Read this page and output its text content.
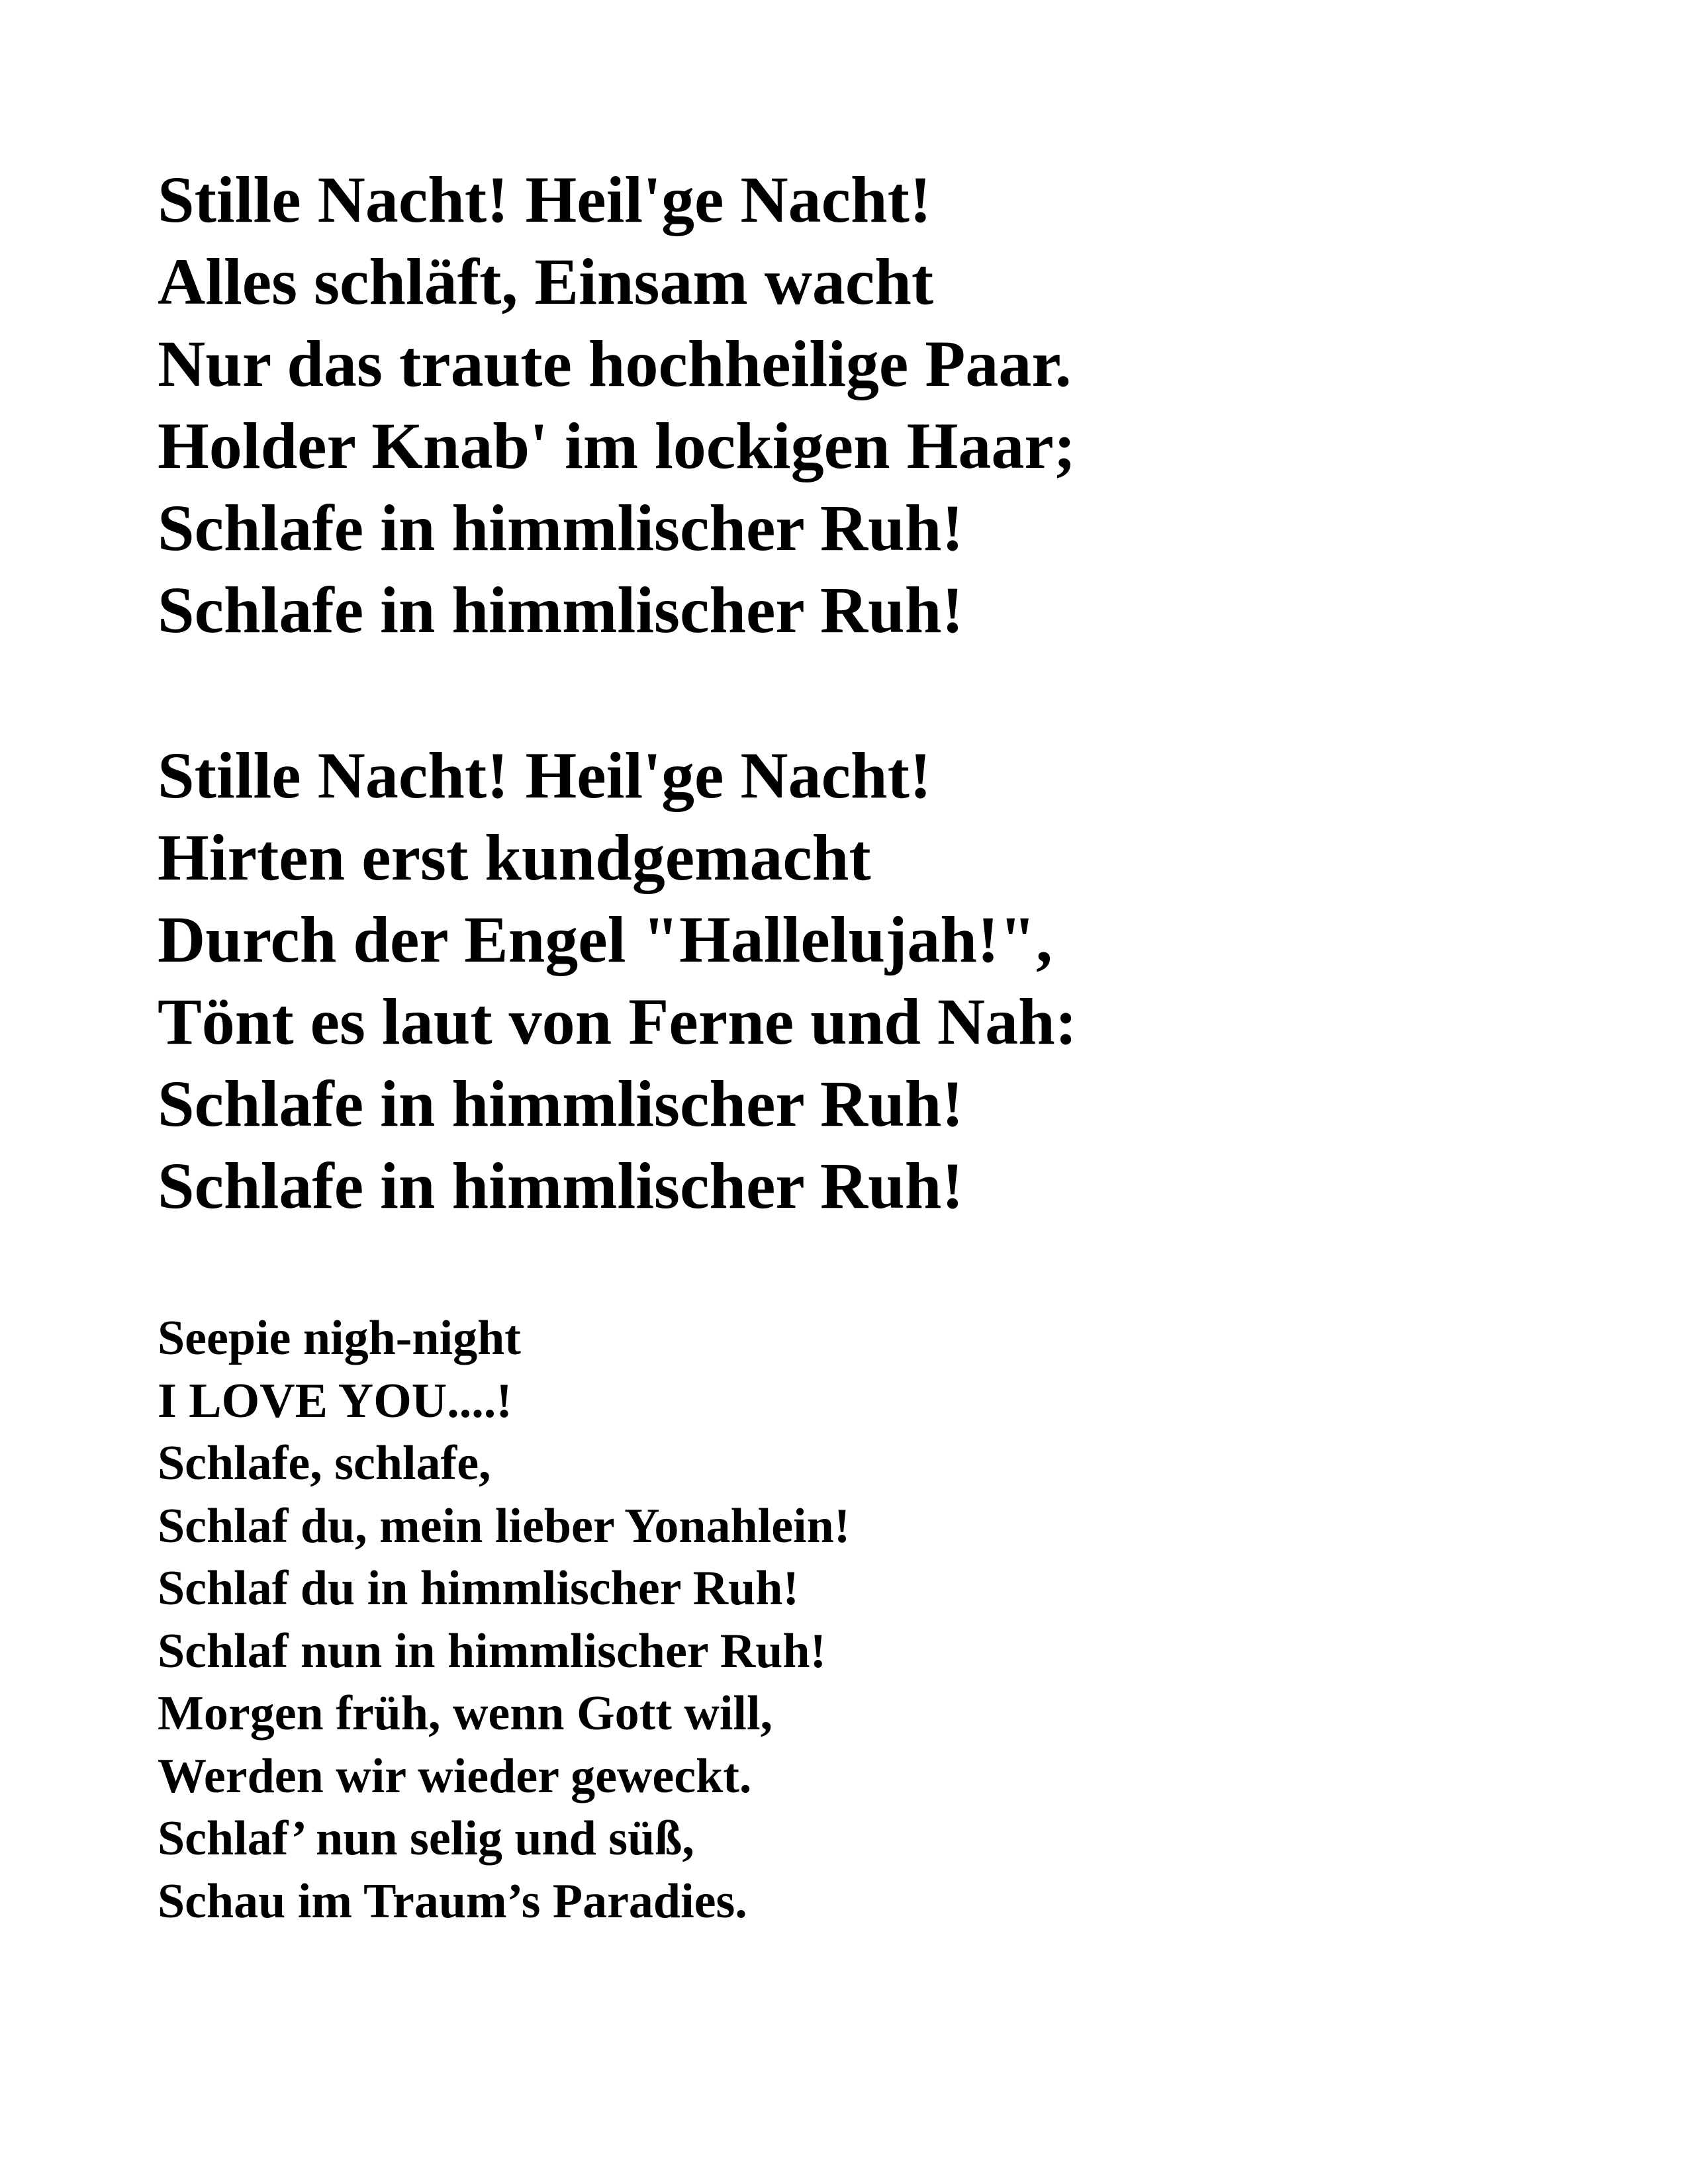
Stille Nacht! Heil'ge Nacht!
Alles schläft, Einsam wacht
Nur das traute hochheilige Paar.
Holder Knab' im lockigen Haar;
Schlafe in himmlischer Ruh!
Schlafe in himmlischer Ruh!
Stille Nacht! Heil'ge Nacht!
Hirten erst kundgemacht
Durch der Engel "Hallelujah!",
Tönt es laut von Ferne und Nah:
Schlafe in himmlischer Ruh!
Schlafe in himmlischer Ruh!
Seepie nigh-night
I LOVE YOU....!
Schlafe, schlafe,
Schlaf du, mein lieber Yonahlein!
Schlaf du in himmlischer Ruh!
Schlaf nun in himmlischer Ruh!
Morgen früh, wenn Gott will,
Werden wir wieder geweckt.
Schlaf’ nun selig und süß,
Schau im Traum’s Paradies.
